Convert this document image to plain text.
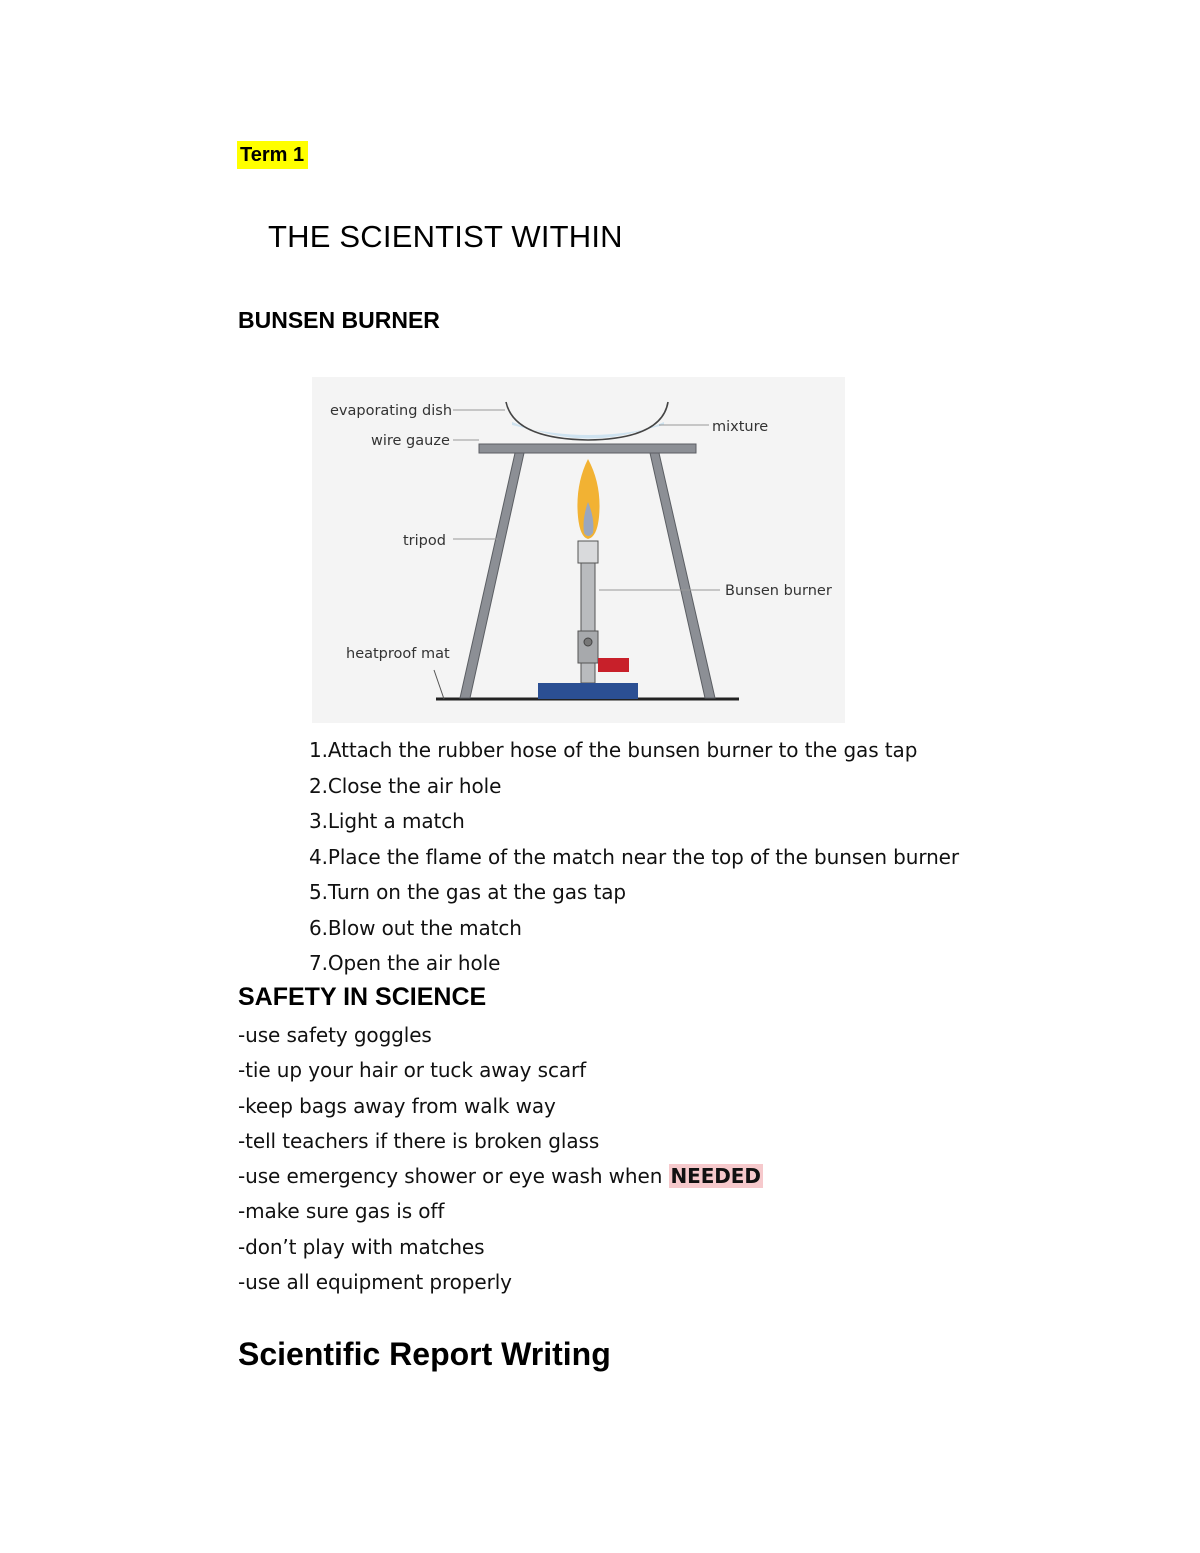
Term 1
THE SCIENTIST WITHIN
BUNSEN BURNER
evaporating dish
wire gauze
mixture
tripod
Bunsen burner
heatproof mat
1.Attach the rubber hose of the bunsen burner to the gas tap
2.Close the air hole
3.Light a match
4.Place the flame of the match near the top of the bunsen burner
5.Turn on the gas at the gas tap
6.Blow out the match
7.Open the air hole
SAFETY IN SCIENCE
-use safety goggles
-tie up your hair or tuck away scarf
-keep bags away from walk way
-tell teachers if there is broken glass
-use emergency shower or eye wash when NEEDED
-make sure gas is off
-don’t play with matches
-use all equipment properly
Scientific Report Writing
